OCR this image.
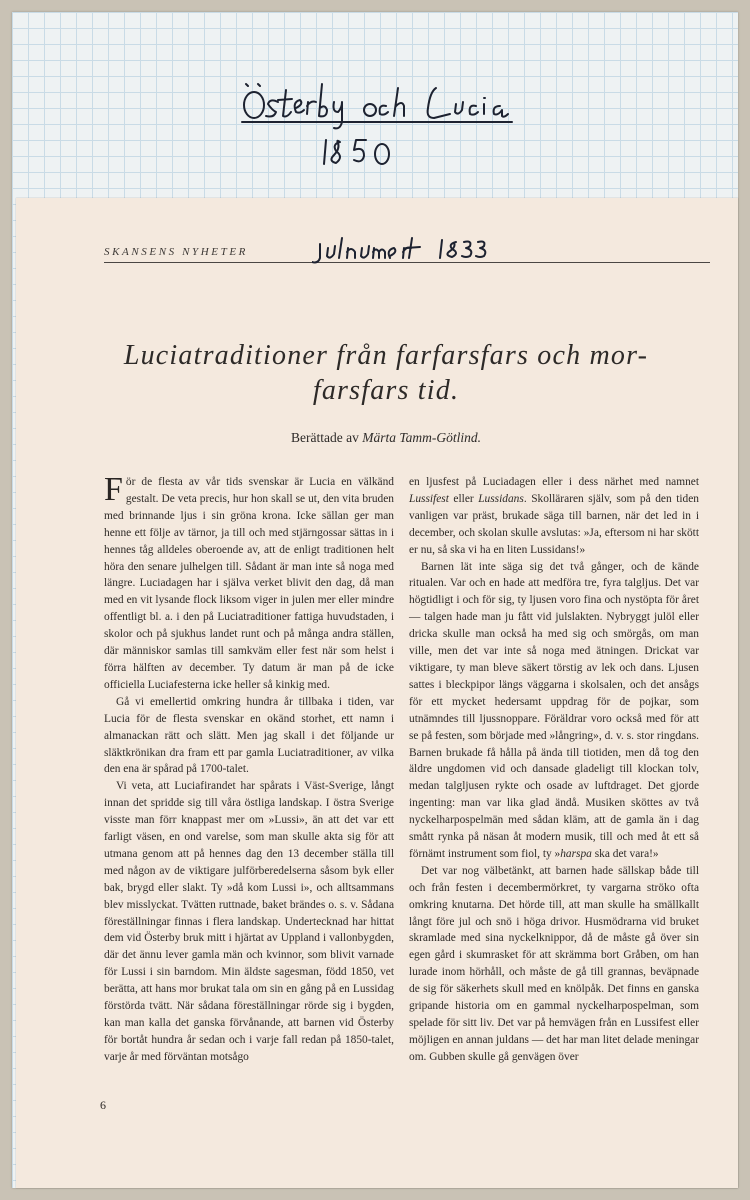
SKANSENS NYHETER
julnumret 1933
Luciatraditioner från farfarsfars och mor-
farsfars tid.
Berättade av Märta Tamm-Götlind.

För de flesta av vår tids svenskar är Lucia en välkänd gestalt. De veta precis, hur hon skall se ut, den vita bruden med brinnande ljus i sin gröna krona. Icke sällan ger man henne ett följe av tärnor, ja till och med stjärngossar sättas in i hennes tåg alldeles oberoende av, att de enligt traditionen helt höra den senare julhelgen till. Sådant är man inte så noga med längre. Luciadagen har i själva verket blivit den dag, då man med en vit lysande flock liksom viger in julen mer eller mindre offentligt bl. a. i den på Luciatraditioner fattiga huvudstaden, i skolor och på sjukhus landet runt och på många andra ställen, där människor samlas till samkväm eller fest när som helst i förra hälften av december. Ty datum är man på de icke officiella Luciafesterna icke heller så kinkig med.

Gå vi emellertid omkring hundra år tillbaka i tiden, var Lucia för de flesta svenskar en okänd storhet, ett namn i almanackan rätt och slätt. Men jag skall i det följande ur släktkrönikan dra fram ett par gamla Luciatraditioner, av vilka den ena är spårad på 1700-talet.

Vi veta, att Luciafirandet har spårats i Väst-Sverige, långt innan det spridde sig till våra östliga landskap. I östra Sverige visste man förr knappast mer om »Lussi», än att det var ett farligt väsen, en ond varelse, som man skulle akta sig för att utmana genom att på hennes dag den 13 december ställa till med någon av de viktigare julförberedelserna såsom byk eller bak, brygd eller slakt. Ty »då kom Lussi i», och alltsammans blev misslyckat. Tvätten ruttnade, baket brändes o. s. v. Sådana föreställningar finnas i flera landskap. Undertecknad har hittat dem vid Österby bruk mitt i hjärtat av Uppland i vallonbygden, där det ännu lever gamla män och kvinnor, som blivit varnade för Lussi i sin barndom. Min äldste sagesman, född 1850, vet berätta, att hans mor brukat tala om sin en gång på en Lussidag förstörda tvätt. När sådana föreställningar rörde sig i bygden, kan man kalla det ganska förvånande, att barnen vid Österby för bortåt hundra år sedan och i varje fall redan på 1850-talet, varje år med förväntan motsågo

en ljusfest på Luciadagen eller i dess närhet med namnet Lussifest eller Lussidans. Skolläraren själv, som på den tiden vanligen var präst, brukade säga till barnen, när det led in i december, och skolan skulle avslutas: »Ja, eftersom ni har skött er nu, så ska vi ha en liten Lussidans!»

Barnen lät inte säga sig det två gånger, och de kände ritualen. Var och en hade att medföra tre, fyra talgljus. Det var högtidligt i och för sig, ty ljusen voro fina och nystöpta för året — talgen hade man ju fått vid julslakten. Nybryggt julöl eller dricka skulle man också ha med sig och smörgås, om man ville, men det var inte så noga med ätningen. Drickat var viktigare, ty man bleve säkert törstig av lek och dans. Ljusen sattes i bleckpipor längs väggarna i skolsalen, och det ansågs för ett mycket hedersamt uppdrag för de pojkar, som utnämndes till ljussnoppare. Föräldrar voro också med för att se på festen, som började med »långring», d. v. s. stor ringdans. Barnen brukade få hålla på ända till tiotiden, men då tog den äldre ungdomen vid och dansade gladeligt till klockan tolv, medan talgljusen rykte och osade av luftdraget. Det gjorde ingenting: man var lika glad ändå. Musiken sköttes av två nyckelharpospelmän med sådan kläm, att de gamla än i dag smått rynka på näsan åt modern musik, till och med åt ett så förnämt instrument som fiol, ty »harspa ska det vara!»

Det var nog välbetänkt, att barnen hade sällskap både till och från festen i decembermörkret, ty vargarna strökо ofta omkring knutarna. Det hörde till, att man skulle ha smällkallt långt före jul och snö i höga drivor. Husmödrarna vid bruket skramlade med sina nyckelknippor, då de måste gå över sin egen gård i skumrasket för att skrämma bort Gråben, om han lurade inom hörhåll, och måste de gå till grannas, beväpnade de sig för säkerhets skull med en knölpåk. Det finns en ganska gripande historia om en gammal nyckelharpospelman, som spelade för sitt liv. Det var på hemvägen från en Lussifest eller möjligen en annan juldans — det har man litet delade meningar om. Gubben skulle gå genvägen över

6
